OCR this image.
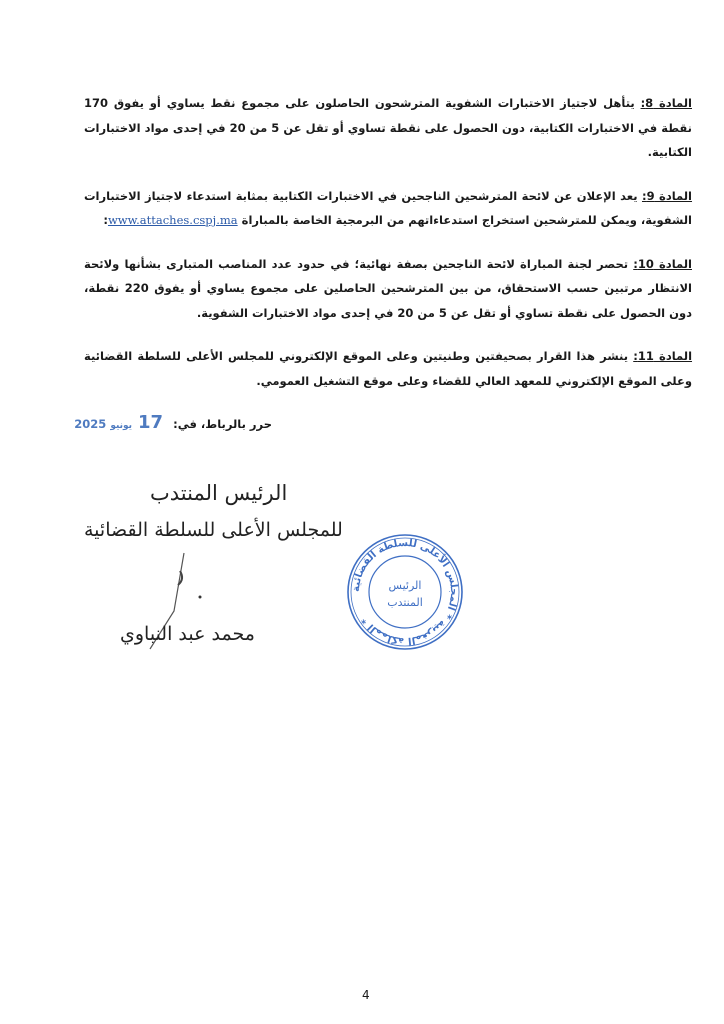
المادة 8: يتأهل لاجتياز الاختبارات الشفوية المترشحون الحاصلون على مجموع نقط يساوي أو يفوق 170 نقطة في الاختبارات الكتابية، دون الحصول على نقطة تساوي أو تقل عن 5 من 20 في إحدى مواد الاختبارات الكتابية.
المادة 9: يعد الإعلان عن لائحة المترشحين الناجحين في الاختبارات الكتابية بمثابة استدعاء لاجتياز الاختبارات الشفوية، ويمكن للمترشحين استخراج استدعاءاتهم من البرمجية الخاصة بالمباراة www.attaches.cspj.ma:
المادة 10: تحصر لجنة المباراة لائحة الناجحين بصفة نهائية؛ في حدود عدد المناصب المتبارى بشأنها ولائحة الانتظار مرتبين حسب الاستحقاق، من بين المترشحين الحاصلين على مجموع يساوي أو يفوق 220 نقطة، دون الحصول على نقطة تساوي أو تقل عن 5 من 20 في إحدى مواد الاختبارات الشفوية.
المادة 11: ينشر هذا القرار بصحيفتين وطنيتين وعلى الموقع الإلكتروني للمجلس الأعلى للسلطة القضائية وعلى الموقع الإلكتروني للمعهد العالي للقضاء وعلى موقع التشغيل العمومي.
حرر بالرباط، في: 17يونيو 2025
الرئيس المنتدب
للمجلس الأعلى للسلطة القضائية
محمد عبد النباوي
المملكة المغربية * المجلس الأعلى للسلطة القضائية *
الرئيس
المنتدب
4
